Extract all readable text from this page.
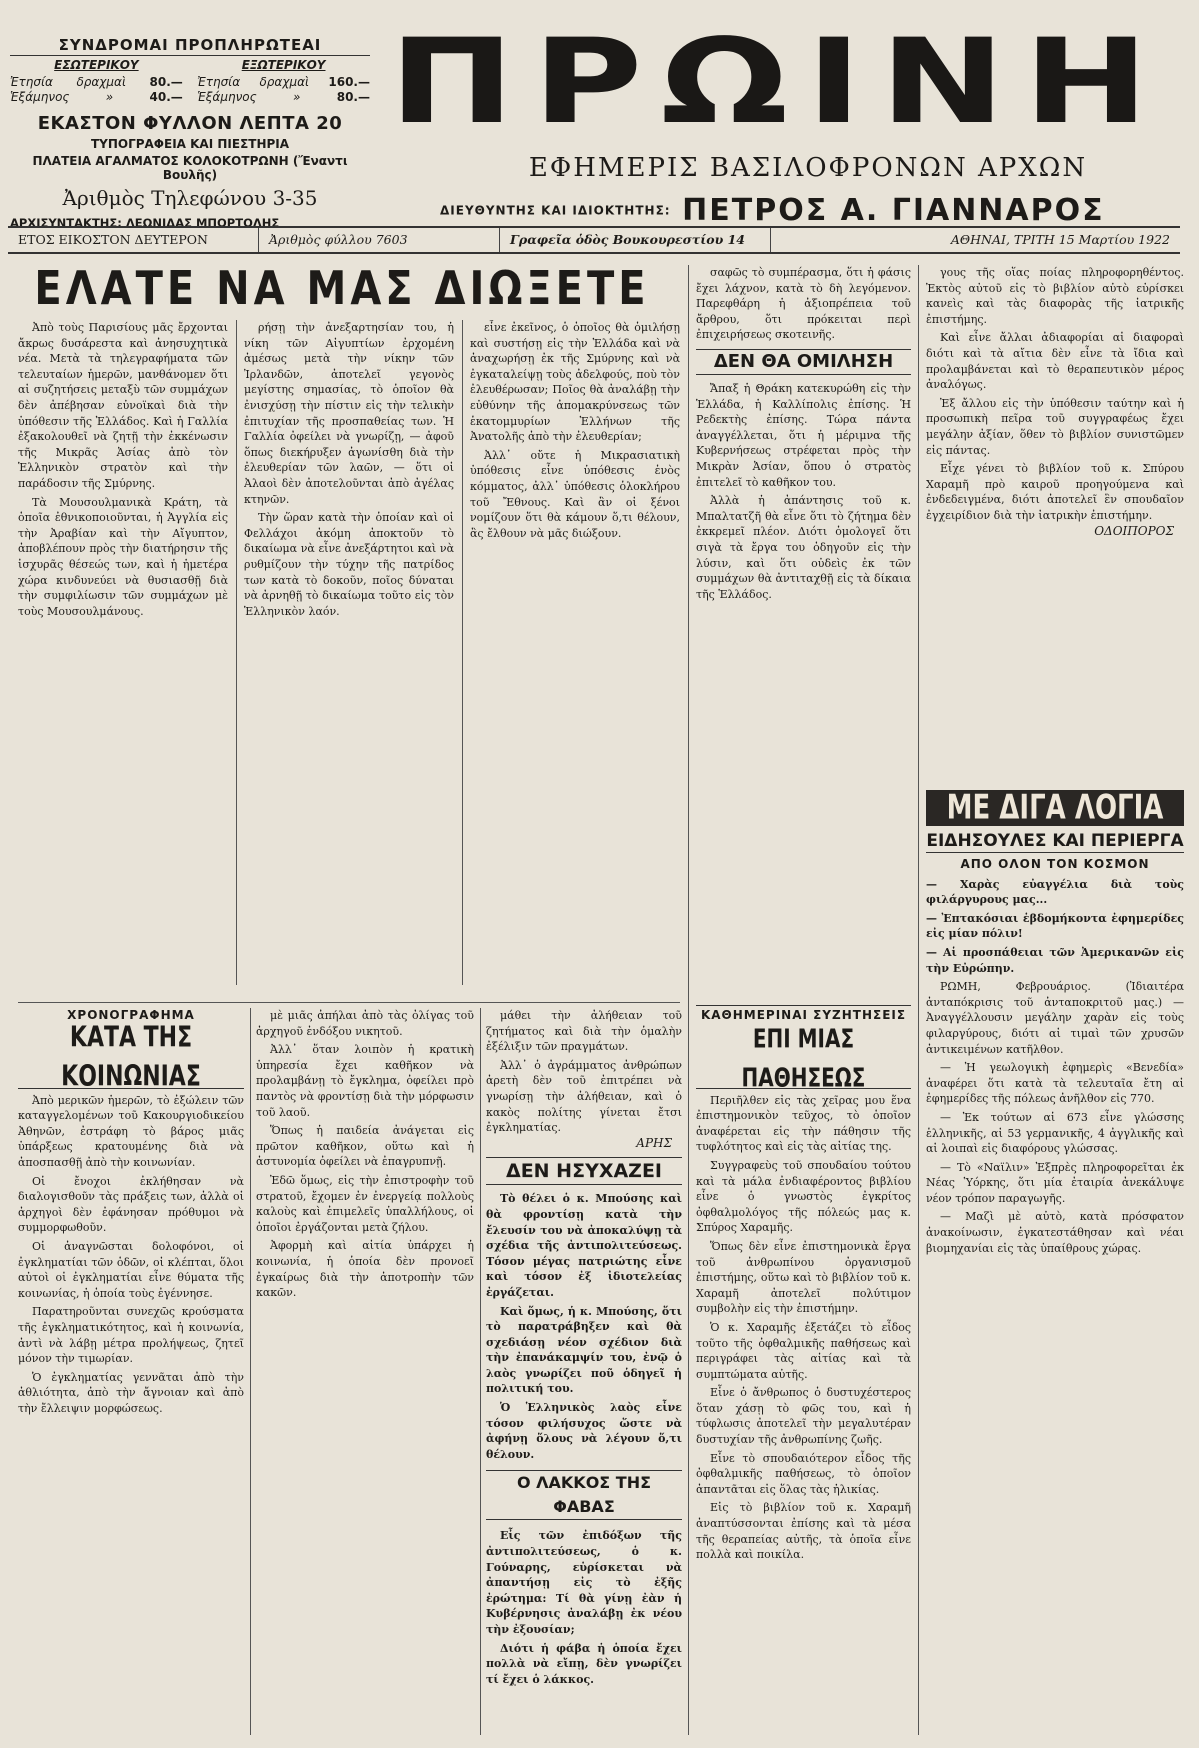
ΣΥΝΔΡΟΜΑΙ ΠΡΟΠΛΗΡΩΤΕΑΙ
ΕΣΩΤΕΡΙΚΟΥ
Ἐτησία δραχμαὶ 80.—
Ἑξάμηνος	»	40.—
ΕΞΩΤΕΡΙΚΟΥ
Ἐτησία δραχμαὶ 160.—
Ἑξάμηνος	»	80.—
ΕΚΑΣΤΟΝ ΦΥΛΛΟΝ ΛΕΠΤΑ 20
ΤΥΠΟΓΡΑΦΕΙΑ ΚΑΙ ΠΙΕΣΤΗΡΙΑ
ΠΛΑΤΕΙΑ ΑΓΑΛΜΑΤΟΣ ΚΟΛΟΚΟΤΡΩΝΗ (Ἔναντι Βουλῆς)
Ἀριθμὸς Τηλεφώνου 3-35
ΑΡΧΙΣΥΝΤΑΚΤΗΣ: ΛΕΩΝΙΔΑΣ ΜΠΟΡΤΟΛΗΣ
ΠΡΩΙΝΗ
ΕΦΗΜΕΡΙΣ ΒΑΣΙΛΟΦΡΟΝΩΝ ΑΡΧΩΝ
ΔΙΕΥΘΥΝΤΗΣ ΚΑΙ ΙΔΙΟΚΤΗΤΗΣ: ΠΕΤΡΟΣ Α. ΓΙΑΝΝΑΡΟΣ
ΕΤΟΣ ΕΙΚΟΣΤΟΝ ΔΕΥΤΕΡΟΝ	Ἀριθμὸς φύλλου 7603	Γραφεῖα ὁδὸς Βουκουρεστίου 14	ΑΘΗΝΑΙ, ΤΡΙΤΗ 15 Μαρτίου 1922
ΕΛΑΤΕ ΝΑ ΜΑΣ ΔΙΩΞΕΤΕ

Ἀπὸ τοὺς Παρισίους μᾶς ἔρχονται ἄκρως δυσάρεστα καὶ ἀνησυχητικὰ νέα. Μετὰ τὰ τηλεγραφήματα τῶν τελευταίων ἡμερῶν, μανθάνομεν ὅτι αἱ συζητήσεις μεταξὺ τῶν συμμάχων δὲν ἀπέβησαν εὐνοϊκαὶ διὰ τὴν ὑπόθεσιν τῆς Ἑλλάδος. Καὶ ἡ Γαλλία ἐξακολουθεῖ νὰ ζητῇ τὴν ἐκκένωσιν τῆς Μικρᾶς Ἀσίας ἀπὸ τὸν Ἑλληνικὸν στρατὸν καὶ τὴν παράδοσιν τῆς Σμύρνης.

Τὰ Μουσουλμανικὰ Κράτη, τὰ ὁποῖα ἐθνικοποιοῦνται, ἡ Ἀγγλία εἰς τὴν Ἀραβίαν καὶ τὴν Αἴγυπτον, ἀποβλέπουν πρὸς τὴν διατήρησιν τῆς ἰσχυρᾶς θέσεώς των, καὶ ἡ ἡμετέρα χώρα κινδυνεύει νὰ θυσιασθῇ διὰ τὴν συμφιλίωσιν τῶν συμμάχων μὲ τοὺς Μουσουλμάνους.

ρήσῃ τὴν ἀνεξαρτησίαν του, ἡ νίκη τῶν Αἰγυπτίων ἐρχομένη ἀμέσως μετὰ τὴν νίκην τῶν Ἰρλανδῶν, ἀποτελεῖ γεγονὸς μεγίστης σημασίας, τὸ ὁποῖον θὰ ἐνισχύσῃ τὴν πίστιν εἰς τὴν τελικὴν ἐπιτυχίαν τῆς προσπαθείας των. Ἡ Γαλλία ὀφείλει νὰ γνωρίζῃ, — ἀφοῦ ὅπως διεκήρυξεν ἀγωνίσθη διὰ τὴν ἐλευθερίαν τῶν λαῶν, — ὅτι οἱ Ἀλαοὶ δὲν ἀποτελοῦνται ἀπὸ ἀγέλας κτηνῶν.

Τὴν ὥραν κατὰ τὴν ὁποίαν καὶ οἱ Φελλάχοι ἀκόμη ἀποκτοῦν τὸ δικαίωμα νὰ εἶνε ἀνεξάρτητοι καὶ νὰ ρυθμίζουν τὴν τύχην τῆς πατρίδος των κατὰ τὸ δοκοῦν, ποῖος δύναται νὰ ἀρνηθῇ τὸ δικαίωμα τοῦτο εἰς τὸν Ἑλληνικὸν λαόν.

εἶνε ἐκεῖνος, ὁ ὁποῖος θὰ ὁμιλήσῃ καὶ συστήσῃ εἰς τὴν Ἑλλάδα καὶ νὰ ἀναχωρήσῃ ἐκ τῆς Σμύρνης καὶ νὰ ἐγκαταλείψῃ τοὺς ἀδελφούς, ποὺ τὸν ἐλευθέρωσαν; Ποῖος θὰ ἀναλάβῃ τὴν εὐθύνην τῆς ἀπομακρύνσεως τῶν ἑκατομμυρίων Ἑλλήνων τῆς Ἀνατολῆς ἀπὸ τὴν ἐλευθερίαν;

Ἀλλ᾽ οὔτε ἡ Μικρασιατικὴ ὑπόθεσις εἶνε ὑπόθεσις ἑνὸς κόμματος, ἀλλ᾽ ὑπόθεσις ὁλοκλήρου τοῦ Ἔθνους. Καὶ ἂν οἱ ξένοι νομίζουν ὅτι θὰ κάμουν ὅ,τι θέλουν, ἂς ἔλθουν νὰ μᾶς διώξουν.

σαφῶς τὸ συμπέρασμα, ὅτι ἡ φάσις ἔχει λάχνον, κατὰ τὸ δὴ λεγόμενον. Παρεφθάρη ἡ ἀξιοπρέπεια τοῦ ἄρθρου, ὅτι πρόκειται περὶ ἐπιχειρήσεως σκοτεινῆς.

ΔΕΝ ΘΑ ΟΜΙΛΗΣΗ

Ἄπαξ ἡ Θράκη κατεκυρώθη εἰς τὴν Ἑλλάδα, ἡ Καλλίπολις ἐπίσης. Ἡ Ρεδεκτὴς ἐπίσης. Τώρα πάντα ἀναγγέλλεται, ὅτι ἡ μέριμνα τῆς Κυβερνήσεως στρέφεται πρὸς τὴν Μικρὰν Ἀσίαν, ὅπου ὁ στρατὸς ἐπιτελεῖ τὸ καθῆκον του.

Ἀλλὰ ἡ ἀπάντησις τοῦ κ. Μπαλτατζῆ θὰ εἶνε ὅτι τὸ ζήτημα δὲν ἐκκρεμεῖ πλέον. Διότι ὁμολογεῖ ὅτι σιγὰ τὰ ἔργα του ὁδηγοῦν εἰς τὴν λύσιν, καὶ ὅτι οὐδεὶς ἐκ τῶν συμμάχων θὰ ἀντιταχθῇ εἰς τὰ δίκαια τῆς Ἑλλάδος.

γους τῆς οἵας ποίας πληροφορηθέντος. Ἐκτὸς αὐτοῦ εἰς τὸ βιβλίον αὐτὸ εὑρίσκει κανεὶς καὶ τὰς διαφορὰς τῆς ἰατρικῆς ἐπιστήμης.

Καὶ εἶνε ἄλλαι ἀδιαφορίαι αἱ διαφοραὶ διότι καὶ τὰ αἴτια δὲν εἶνε τὰ ἴδια καὶ προλαμβάνεται καὶ τὸ θεραπευτικὸν μέρος ἀναλόγως.

Ἐξ ἄλλου εἰς τὴν ὑπόθεσιν ταύτην καὶ ἡ προσωπικὴ πεῖρα τοῦ συγγραφέως ἔχει μεγάλην ἀξίαν, ὅθεν τὸ βιβλίον συνιστῶμεν εἰς πάντας.

Εἶχε γένει τὸ βιβλίον τοῦ κ. Σπύρου Χαραμῆ πρὸ καιροῦ προηγούμενα καὶ ἐνδεδειγμένα, διότι ἀποτελεῖ ἓν σπουδαῖον ἐγχειρίδιον διὰ τὴν ἰατρικὴν ἐπιστήμην.

ΟΔΟΙΠΟΡΟΣ
ΜΕ ΔΙΓΑ ΛΟΓΙΑ
ΕΙΔΗΣΟΥΛΕΣ ΚΑΙ ΠΕΡΙΕΡΓΑ
ΑΠΟ ΟΛΟΝ ΤΟΝ ΚΟΣΜΟΝ

— Χαρὰς εὐαγγέλια διὰ τοὺς φιλάργυρους μας...

— Ἐπτακόσιαι ἑβδομήκοντα ἐφημερίδες εἰς μίαν πόλιν!

— Αἱ προσπάθειαι τῶν Ἀμερικανῶν εἰς τὴν Εὐρώπην.

ΡΩΜΗ, Φεβρουάριος. (Ἰδιαιτέρα ἀνταπόκρισις τοῦ ἀνταποκριτοῦ μας.) — Ἀναγγέλλουσιν μεγάλην χαρὰν εἰς τοὺς φιλαργύρους, διότι αἱ τιμαὶ τῶν χρυσῶν ἀντικειμένων κατῆλθον.

— Ἡ γεωλογικὴ ἐφημερὶς «Βενεδία» ἀναφέρει ὅτι κατὰ τὰ τελευταῖα ἔτη αἱ ἐφημερίδες τῆς πόλεως ἀνῆλθον εἰς 770.

— Ἐκ τούτων αἱ 673 εἶνε γλώσσης ἑλληνικῆς, αἱ 53 γερμανικῆς, 4 ἀγγλικῆς καὶ αἱ λοιπαὶ εἰς διαφόρους γλώσσας.

— Τὸ «Ναϊλιν» Ἐξπρὲς πληροφορεῖται ἐκ Νέας Ὑόρκης, ὅτι μία ἐταιρία ἀνεκάλυψε νέον τρόπον παραγωγῆς.

— Μαζὶ μὲ αὐτὸ, κατὰ πρόσφατον ἀνακοίνωσιν, ἐγκατεστάθησαν καὶ νέαι βιομηχανίαι εἰς τὰς ὑπαίθρους χώρας.

ΧΡΟΝΟΓΡΑΦΗΜΑ
ΚΑΤΑ ΤΗΣ ΚΟΙΝΩΝΙΑΣ

Ἀπὸ μερικῶν ἡμερῶν, τὸ ἐξώλειν τῶν καταγγελομένων τοῦ Κακουργιοδικείου Ἀθηνῶν, ἐστράφη τὸ βάρος μιᾶς ὑπάρξεως κρατουμένης διὰ νὰ ἀποσπασθῇ ἀπὸ τὴν κοινωνίαν.

Οἱ ἔνοχοι ἐκλήθησαν νὰ διαλογισθοῦν τὰς πράξεις των, ἀλλὰ οἱ ἀρχηγοὶ δὲν ἐφάνησαν πρόθυμοι νὰ συμμορφωθοῦν.

Οἱ ἀναγνῶσται δολοφόνοι, οἱ ἐγκληματίαι τῶν ὁδῶν, οἱ κλέπται, ὅλοι αὐτοὶ οἱ ἐγκληματίαι εἶνε θύματα τῆς κοινωνίας, ἡ ὁποία τοὺς ἐγέννησε.

Παρατηροῦνται συνεχῶς κρούσματα τῆς ἐγκληματικότητος, καὶ ἡ κοινωνία, ἀντὶ νὰ λάβῃ μέτρα προλήψεως, ζητεῖ μόνον τὴν τιμωρίαν.

Ὁ ἐγκληματίας γεννᾶται ἀπὸ τὴν ἀθλιότητα, ἀπὸ τὴν ἄγνοιαν καὶ ἀπὸ τὴν ἔλλειψιν μορφώσεως.

μὲ μιᾶς ἀπήλαι ἀπὸ τὰς ὀλίγας τοῦ ἀρχηγοῦ ἐνδόξου νικητοῦ.

Ἀλλ᾽ ὅταν λοιπὸν ἡ κρατικὴ ὑπηρεσία ἔχει καθῆκον νὰ προλαμβάνῃ τὸ ἔγκλημα, ὀφείλει πρὸ παντὸς νὰ φροντίσῃ διὰ τὴν μόρφωσιν τοῦ λαοῦ.

Ὅπως ἡ παιδεία ἀνάγεται εἰς πρῶτον καθῆκον, οὕτω καὶ ἡ ἀστυνομία ὀφείλει νὰ ἐπαγρυπνῇ.

Ἐδῶ ὅμως, εἰς τὴν ἐπιστροφὴν τοῦ στρατοῦ, ἔχομεν ἐν ἐνεργείᾳ πολλοὺς καλοὺς καὶ ἐπιμελεῖς ὑπαλλήλους, οἱ ὁποῖοι ἐργάζονται μετὰ ζήλου.

Ἀφορμὴ καὶ αἰτία ὑπάρχει ἡ κοινωνία, ἡ ὁποία δὲν προνοεῖ ἐγκαίρως διὰ τὴν ἀποτροπὴν τῶν κακῶν.

μάθει τὴν ἀλήθειαν τοῦ ζητήματος καὶ διὰ τὴν ὁμαλὴν ἐξέλιξιν τῶν πραγμάτων.

Ἀλλ᾽ ὁ ἀγράμματος ἀνθρώπων ἀρετὴ δὲν τοῦ ἐπιτρέπει νὰ γνωρίσῃ τὴν ἀλήθειαν, καὶ ὁ κακὸς πολίτης γίνεται ἔτσι ἐγκληματίας.

ΑΡΗΣ
ΔΕΝ ΗΣΥΧΑΖΕΙ

Τὸ θέλει ὁ κ. Μπούσης καὶ θὰ φροντίσῃ κατὰ τὴν ἔλευσίν του νὰ ἀποκαλύψῃ τὰ σχέδια τῆς ἀντιπολιτεύσεως. Τόσον μέγας πατριώτης εἶνε καὶ τόσον ἐξ ἰδιοτελείας ἐργάζεται.

Καὶ ὅμως, ἡ κ. Μπούσης, ὅτι τὸ παρατράβηξεν καὶ θὰ σχεδιάσῃ νέον σχέδιον διὰ τὴν ἐπανάκαμψίν του, ἐνῷ ὁ λαὸς γνωρίζει ποῦ ὁδηγεῖ ἡ πολιτική του.

Ὁ Ἑλληνικὸς λαὸς εἶνε τόσον φιλήσυχος ὥστε νὰ ἀφήνῃ ὅλους νὰ λέγουν ὅ,τι θέλουν.

Ο ΛΑΚΚΟΣ ΤΗΣ ΦΑΒΑΣ

Εἶς τῶν ἐπιδόξων τῆς ἀντιπολιτεύσεως, ὁ κ. Γούναρης, εὑρίσκεται νὰ ἀπαντήσῃ εἰς τὸ ἐξῆς ἐρώτημα: Τί θὰ γίνῃ ἐὰν ἡ Κυβέρνησις ἀναλάβῃ ἐκ νέου τὴν ἐξουσίαν;

Διότι ἡ φάβα ἡ ὁποία ἔχει πολλὰ νὰ εἴπῃ, δὲν γνωρίζει τί ἔχει ὁ λάκκος.

ΚΑΘΗΜΕΡΙΝΑΙ ΣΥΖΗΤΗΣΕΙΣ
ΕΠΙ ΜΙΑΣ ΠΑΘΗΣΕΩΣ

Περιῆλθεν εἰς τὰς χεῖρας μου ἕνα ἐπιστημονικὸν τεῦχος, τὸ ὁποῖον ἀναφέρεται εἰς τὴν πάθησιν τῆς τυφλότητος καὶ εἰς τὰς αἰτίας της.

Συγγραφεὺς τοῦ σπουδαίου τούτου καὶ τὰ μάλα ἐνδιαφέροντος βιβλίου εἶνε ὁ γνωστὸς ἐγκρίτος ὀφθαλμολόγος τῆς πόλεώς μας κ. Σπύρος Χαραμῆς.

Ὅπως δὲν εἶνε ἐπιστημονικὰ ἔργα τοῦ ἀνθρωπίνου ὀργανισμοῦ ἐπιστήμης, οὕτω καὶ τὸ βιβλίον τοῦ κ. Χαραμῆ ἀποτελεῖ πολύτιμον συμβολὴν εἰς τὴν ἐπιστήμην.

Ὁ κ. Χαραμῆς ἐξετάζει τὸ εἶδος τοῦτο τῆς ὀφθαλμικῆς παθήσεως καὶ περιγράφει τὰς αἰτίας καὶ τὰ συμπτώματα αὐτῆς.

Εἶνε ὁ ἄνθρωπος ὁ δυστυχέστερος ὅταν χάσῃ τὸ φῶς του, καὶ ἡ τύφλωσις ἀποτελεῖ τὴν μεγαλυτέραν δυστυχίαν τῆς ἀνθρωπίνης ζωῆς.

Εἶνε τὸ σπουδαιότερον εἶδος τῆς ὀφθαλμικῆς παθήσεως, τὸ ὁποῖον ἀπαντᾶται εἰς ὅλας τὰς ἡλικίας.

Εἰς τὸ βιβλίον τοῦ κ. Χαραμῆ ἀναπτύσσονται ἐπίσης καὶ τὰ μέσα τῆς θεραπείας αὐτῆς, τὰ ὁποῖα εἶνε πολλὰ καὶ ποικίλα.
